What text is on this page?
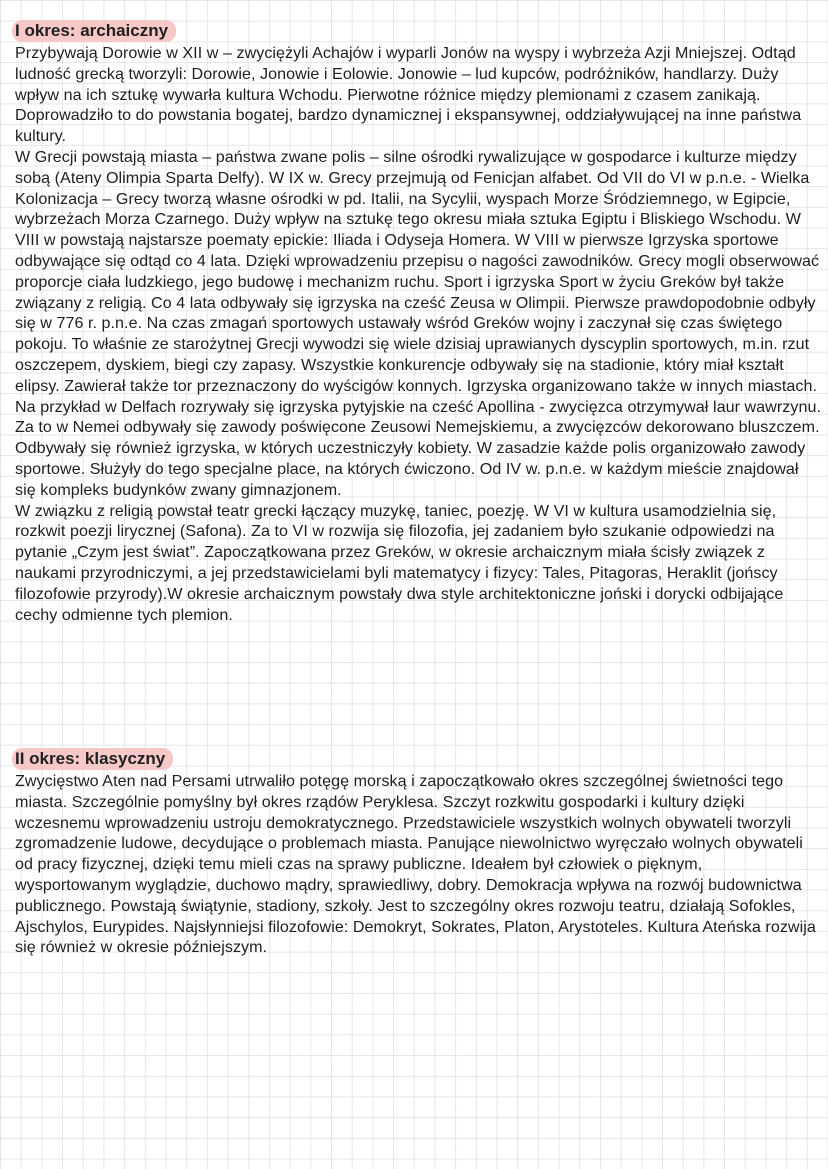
I okres: archaiczny

Przybywają Dorowie w XII w – zwyciężyli Achajów i wyparli Jonów na wyspy i wybrzeża Azji Mniejszej. Odtąd ludność grecką tworzyli: Dorowie, Jonowie i Eolowie. Jonowie – lud kupców, podróżników, handlarzy. Duży wpływ na ich sztukę wywarła kultura Wchodu. Pierwotne różnice między plemionami z czasem zanikają. Doprowadziło to do powstania bogatej, bardzo dynamicznej i ekspansywnej, oddziaływującej na inne państwa kultury.

W Grecji powstają miasta – państwa zwane polis – silne ośrodki rywalizujące w gospodarce i kulturze między sobą (Ateny Olimpia Sparta Delfy). W IX w. Grecy przejmują od Fenicjan alfabet. Od VII do VI w p.n.e. - Wielka Kolonizacja – Grecy tworzą własne ośrodki w pd. Italii, na Sycylii, wyspach Morze Śródziemnego, w Egipcie, wybrzeżach Morza Czarnego. Duży wpływ na sztukę tego okresu miała sztuka Egiptu i Bliskiego Wschodu. W VIII w powstają najstarsze poematy epickie: Iliada i Odyseja Homera. W VIII w pierwsze Igrzyska sportowe odbywające się odtąd co 4 lata. Dzięki wprowadzeniu przepisu o nagości zawodników. Grecy mogli obserwować proporcje ciała ludzkiego, jego budowę i mechanizm ruchu. Sport i igrzyska Sport w życiu Greków był także związany z religią. Co 4 lata odbywały się igrzyska na cześć Zeusa w Olimpii. Pierwsze prawdopodobnie odbyły się w 776 r. p.n.e. Na czas zmagań sportowych ustawały wśród Greków wojny i zaczynał się czas świętego pokoju. To właśnie ze starożytnej Grecji wywodzi się wiele dzisiaj uprawianych dyscyplin sportowych, m.in. rzut oszczepem, dyskiem, biegi czy zapasy. Wszystkie konkurencje odbywały się na stadionie, który miał kształt elipsy. Zawierał także tor przeznaczony do wyścigów konnych. Igrzyska organizowano także w innych miastach. Na przykład w Delfach rozrywały się igrzyska pytyjskie na cześć Apollina - zwycięzca otrzymywał laur wawrzynu. Za to w Nemei odbywały się zawody poświęcone Zeusowi Nemejskiemu, a zwycięzców dekorowano bluszczem. Odbywały się również igrzyska, w których uczestniczyły kobiety. W zasadzie każde polis organizowało zawody sportowe. Służyły do tego specjalne place, na których ćwiczono. Od IV w. p.n.e. w każdym mieście znajdował się kompleks budynków zwany gimnazjonem.

W związku z religią powstał teatr grecki łączący muzykę, taniec, poezję. W VI w kultura usamodzielnia się, rozkwit poezji lirycznej (Safona). Za to VI w rozwija się filozofia, jej zadaniem było szukanie odpowiedzi na pytanie „Czym jest świat”. Zapoczątkowana przez Greków, w okresie archaicznym miała ścisły związek z naukami przyrodniczymi, a jej przedstawicielami byli matematycy i fizycy: Tales, Pitagoras, Heraklit (jońscy filozofowie przyrody).W okresie archaicznym powstały dwa style architektoniczne joński i dorycki odbijające cechy odmienne tych plemion.

II okres: klasyczny

Zwycięstwo Aten nad Persami utrwaliło potęgę morską i zapoczątkowało okres szczególnej świetności tego miasta. Szczególnie pomyślny był okres rządów Peryklesa. Szczyt rozkwitu gospodarki i kultury dzięki wczesnemu wprowadzeniu ustroju demokratycznego. Przedstawiciele wszystkich wolnych obywateli tworzyli zgromadzenie ludowe, decydujące o problemach miasta. Panujące niewolnictwo wyręczało wolnych obywateli od pracy fizycznej, dzięki temu mieli czas na sprawy publiczne. Ideałem był człowiek o pięknym, wysportowanym wyglądzie, duchowo mądry, sprawiedliwy, dobry. Demokracja wpływa na rozwój budownictwa publicznego. Powstają świątynie, stadiony, szkoły. Jest to szczególny okres rozwoju teatru, działają Sofokles, Ajschylos, Eurypides. Najsłynniejsi filozofowie: Demokryt, Sokrates, Platon, Arystoteles. Kultura Ateńska rozwija się również w okresie późniejszym.
